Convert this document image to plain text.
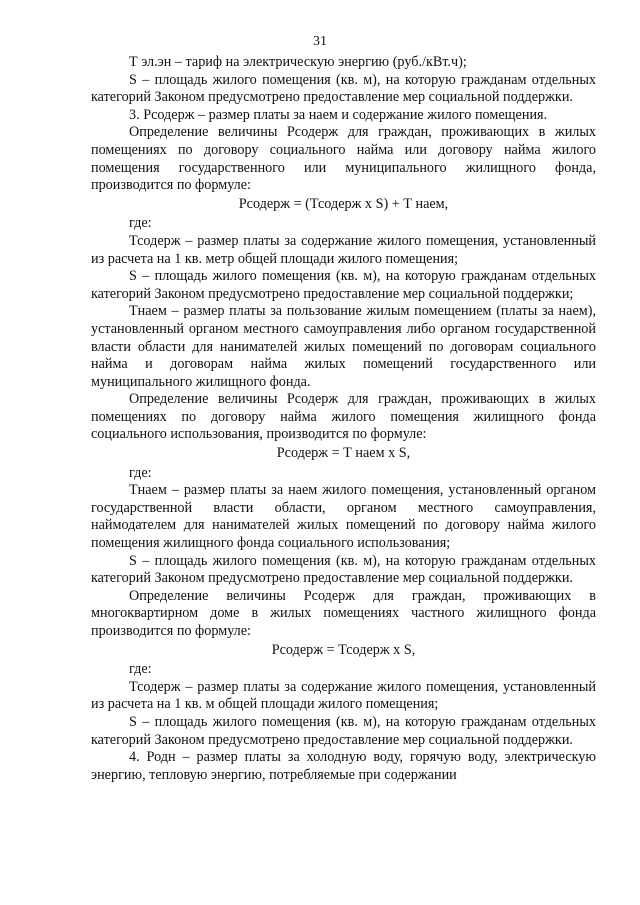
31

Т эл.эн – тариф на электрическую энергию (руб./кВт.ч);

S – площадь жилого помещения (кв. м), на которую гражданам отдельных категорий Законом предусмотрено предоставление мер социальной поддержки.

3. Рсодерж – размер платы за наем и содержание жилого помещения.

Определение величины Рсодерж для граждан, проживающих в жилых помещениях по договору социального найма или договору найма жилого помещения государственного или муниципального жилищного фонда, производится по формуле:

Рсодерж = (Тсодерж x S) + Т наем,

где:

Тсодерж – размер платы за содержание жилого помещения, установленный из расчета на 1 кв. метр общей площади жилого помещения;

S – площадь жилого помещения (кв. м), на которую гражданам отдельных категорий Законом предусмотрено предоставление мер социальной поддержки;

Тнаем – размер платы за пользование жилым помещением (платы за наем), установленный органом местного самоуправления либо органом государственной власти области для нанимателей жилых помещений по договорам социального найма и договорам найма жилых помещений государственного или муниципального жилищного фонда.

Определение величины Рсодерж для граждан, проживающих в жилых помещениях по договору найма жилого помещения жилищного фонда социального использования, производится по формуле:

Рсодерж = Т наем x S,

где:

Тнаем – размер платы за наем жилого помещения, установленный органом государственной власти области, органом местного самоуправления, наймодателем для нанимателей жилых помещений по договору найма жилого помещения жилищного фонда социального использования;

S – площадь жилого помещения (кв. м), на которую гражданам отдельных категорий Законом предусмотрено предоставление мер социальной поддержки.

Определение величины Рсодерж для граждан, проживающих в многоквартирном доме в жилых помещениях частного жилищного фонда производится по формуле:

Рсодерж = Тсодерж x S,

где:

Тсодерж – размер платы за содержание жилого помещения, установленный из расчета на 1 кв. м общей площади жилого помещения;

S – площадь жилого помещения (кв. м), на которую гражданам отдельных категорий Законом предусмотрено предоставление мер социальной поддержки.

4. Родн – размер платы за холодную воду, горячую воду, электрическую энергию, тепловую энергию, потребляемые при содержании
